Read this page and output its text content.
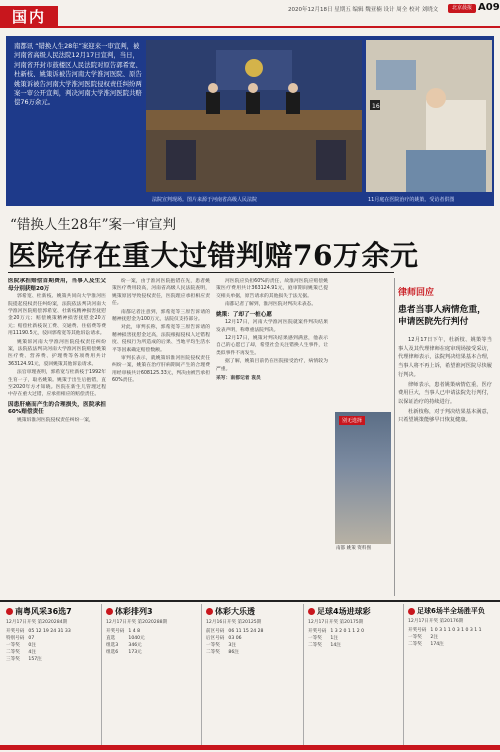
国内	2020年12月18日 星期五 编辑 魏亚楠 设计 周全 校对 刘晓文	北京晨报 A09
南都讯 “错换人生28年”案迎来一审宣判，被河南省高级人民法院12月17日宣判，当日，河南省开封市鼓楼区人民法院对原告郭希宽、杜新枝、姚策诉被告河南大学淮河医院、原告姚策诉被告河南大学淮河医院侵权责任纠纷两案一审公开宣判，判决河南大学淮河医院共赔偿76万余元。
16
法院宣判现场。图片来源于河南省高级人民法院	11月庭在医院治疗的姚策。受访者供图
“错换人生28年”案一审宣判
医院存在重大过错判赔76万余元
医院承担赔偿首期费用，当事人及生父母分别获赔20万

郭希宽、杜新枝、姚策共同向大学淮河医院提起侵权责任纠纷案，法院依法判决河南大学淮河医院赔偿郭希宽、杜新枝精神损害抚慰金20万元；赔偿姚策精神损害抚慰金20万元；赔偿杜新枝误工费、交通费、住宿费等费用11190.5元，驳回郭希宽等其他诉讼请求。

姚策诉河南大学淮河医院侵权责任纠纷案，法院依法判决河南大学淮河医院赔偿姚策医疗费、营养费、护理费等各项费用共计363124.91元，驳回姚策其他诉讼请求。

法官审理查明，郭希宽与杜新枝于1992年生育一子，取名姚策。姚策于出生后抱错，直至2020年方才知晓。医院在新生儿管理过程中存在重大过错，应承担相应的赔偿责任。

因患肝癌而产生的合理损失，医院承担60%赔偿责任

姚策诉淮河医院侵权责任纠纷一案，

纷一案，由于淮河医院抱错在先，患者姚策医疗费用较高，河南省高级人民法院查明，姚策原因导致侵权责任，医院理应承担相应责任。

南都记者注意到，郭希宽等三原告诉请的精神抚慰金为100万元，法院仅支持部分。

对此，审判长称，郭希宽等三原告诉请的精神损害抚慰金过高，法院根据侵权人过错程度、侵权行为所造成的后果、当地平均生活水平等因素确定赔偿数额。

审判长表示，就姚策诉淮河医院侵权责任纠纷一案，姚策在治疗肝病期间产生的合理费用经审核共计608125.33元，判决由被告承担60%责任。

河医院应负担60%的责任，故淮河医院应赔偿姚策医疗费用共计363124.91元，庭审期间姚策已提交相关单据，原告请求的其他损失于法无据。

南都记者了解到，淮河医院对判决未表态。

姚策：了却了一桩心愿

12月17日，河南大学淮河医院就案件判决结果发表声明，称尊重法院判决。

12月17日，姚策对判决结果感到满意，他表示自己的心愿已了却，希望社会关注错换人生事件，让类似事件不再发生。

据了解，姚策目前仍在医院接受治疗，病情较为严重。

采写：南都记者 袁员
别无选择
南都 姚策 资料图
律师回应
患者当事人病情危重，申请医院先行判付

12月17日下午，杜新枝、姚策等当事人及其代理律师在庭审现场接受采访，代理律师表示，法院判决结果基本合理，当事人将不再上诉，希望淮河医院尽快履行判决。

律师表示，患者姚策病情危重，医疗费用巨大，当事人已申请法院先行判付，以保证治疗的持续进行。

杜新枝称，对于判决结果基本满意，只希望姚策能够早日恢复健康。

南粤风采36选7
12月17日开奖 第2020284期
开奖号码	05 12 19 24 31 33
特别号码	07
一等奖	0注
二等奖	4注
三等奖	157注
体彩排列3
12月17日开奖 第2020288期
开奖号码	1 4 8
直选	1040元
组选3	346元
组选6	173元
体彩大乐透
12月16日开奖 第20125期
前区号码	06 11 15 24 28
后区号码	03 06
一等奖	3注
二等奖	86注
足球4场进球彩
12月17日开奖 第20175期
开奖号码	1 3 2 0 1 1 2 0
一等奖	1注
二等奖	14注
足球6场半全场胜平负
12月17日开奖 第20176期
开奖号码	1 0 3 1 1 0 3 1 0 3 1 1
一等奖	2注
二等奖	174注
